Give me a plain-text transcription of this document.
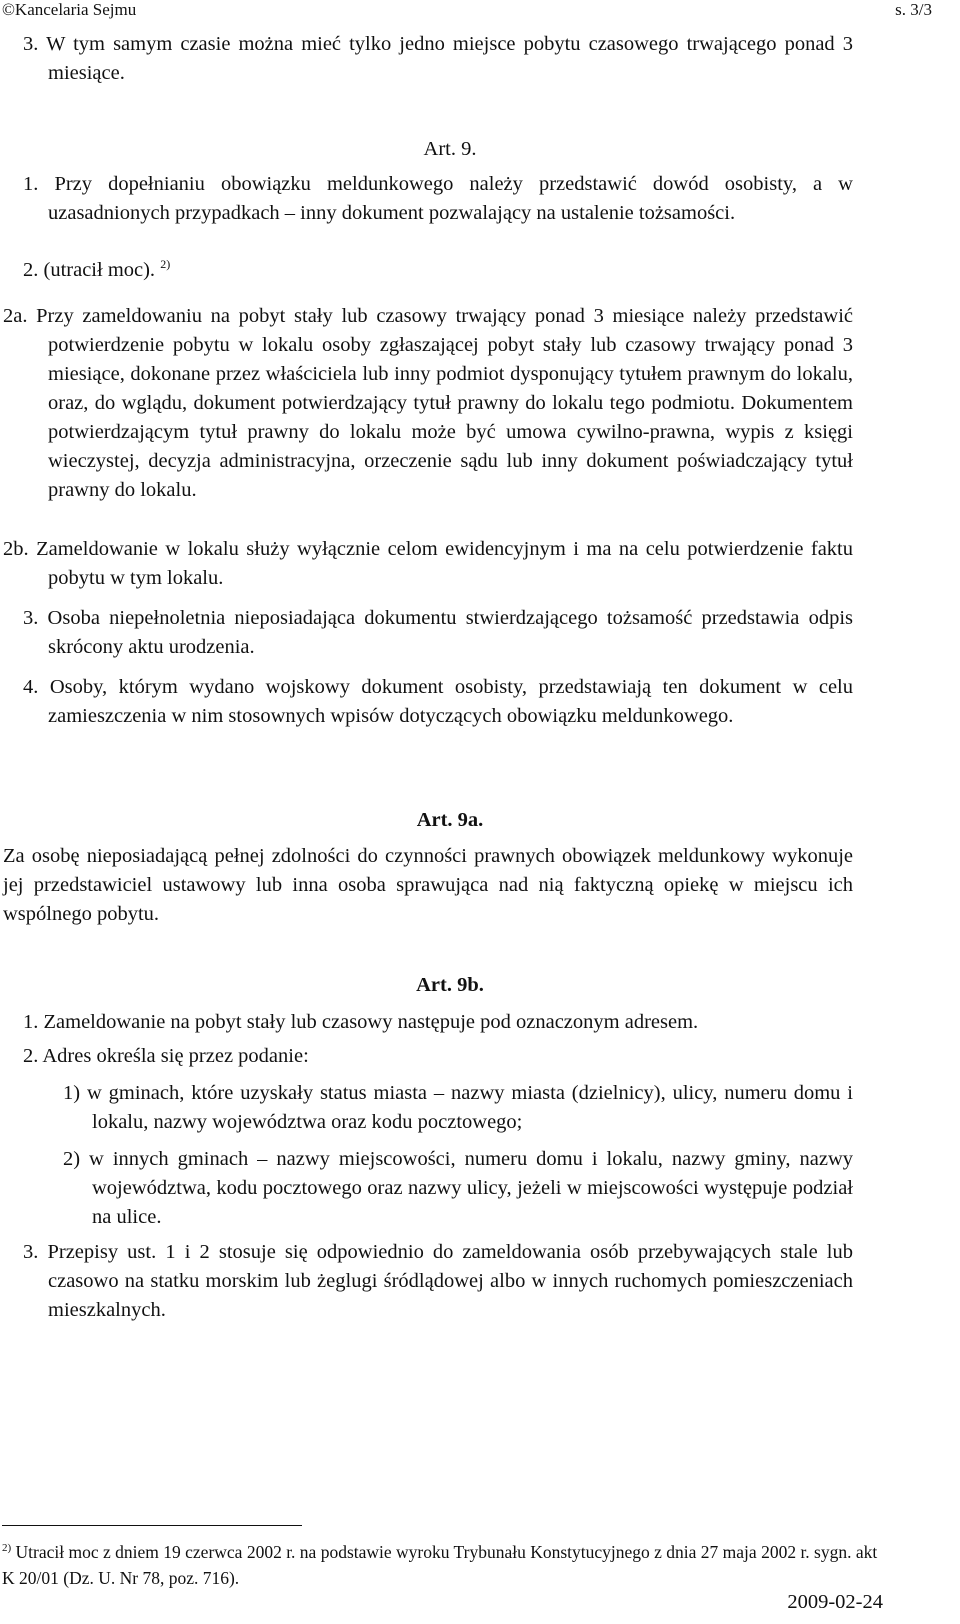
©Kancelaria Sejmu	s. 3/3

3. W tym samym czasie można mieć tylko jedno miejsce pobytu czasowego trwającego ponad 3 miesiące.

Art. 9.

1. Przy dopełnianiu obowiązku meldunkowego należy przedstawić dowód osobisty, a w uzasadnionych przypadkach – inny dokument pozwalający na ustalenie tożsamości.

2. (utracił moc). $^{2)}$

2a. Przy zameldowaniu na pobyt stały lub czasowy trwający ponad 3 miesiące należy przedstawić potwierdzenie pobytu w lokalu osoby zgłaszającej pobyt stały lub czasowy trwający ponad 3 miesiące, dokonane przez właściciela lub inny podmiot dysponujący tytułem prawnym do lokalu, oraz, do wglądu, dokument potwierdzający tytuł prawny do lokalu tego podmiotu. Dokumentem potwierdzającym tytuł prawny do lokalu może być umowa cywilno-prawna, wypis z księgi wieczystej, decyzja administracyjna, orzeczenie sądu lub inny dokument poświadczający tytuł prawny do lokalu.

2b. Zameldowanie w lokalu służy wyłącznie celom ewidencyjnym i ma na celu potwierdzenie faktu pobytu w tym lokalu.

3. Osoba niepełnoletnia nieposiadająca dokumentu stwierdzającego tożsamość przedstawia odpis skrócony aktu urodzenia.

4. Osoby, którym wydano wojskowy dokument osobisty, przedstawiają ten dokument w celu zamieszczenia w nim stosownych wpisów dotyczących obowiązku meldunkowego.

Art. 9a.

Za osobę nieposiadającą pełnej zdolności do czynności prawnych obowiązek meldunkowy wykonuje jej przedstawiciel ustawowy lub inna osoba sprawująca nad nią faktyczną opiekę w miejscu ich wspólnego pobytu.

Art. 9b.

1. Zameldowanie na pobyt stały lub czasowy następuje pod oznaczonym adresem.

2. Adres określa się przez podanie:

1) w gminach, które uzyskały status miasta – nazwy miasta (dzielnicy), ulicy, numeru domu i lokalu, nazwy województwa oraz kodu pocztowego;

2) w innych gminach – nazwy miejscowości, numeru domu i lokalu, nazwy gminy, nazwy województwa, kodu pocztowego oraz nazwy ulicy, jeżeli w miejscowości występuje podział na ulice.

3. Przepisy ust. 1 i 2 stosuje się odpowiednio do zameldowania osób przebywających stale lub czasowo na statku morskim lub żeglugi śródlądowej albo w innych ruchomych pomieszczeniach mieszkalnych.

$^{2)}$ Utracił moc z dniem 19 czerwca 2002 r. na podstawie wyroku Trybunału Konstytucyjnego z dnia 27 maja 2002 r. sygn. akt K 20/01 (Dz. U. Nr 78, poz. 716).

2009-02-24
